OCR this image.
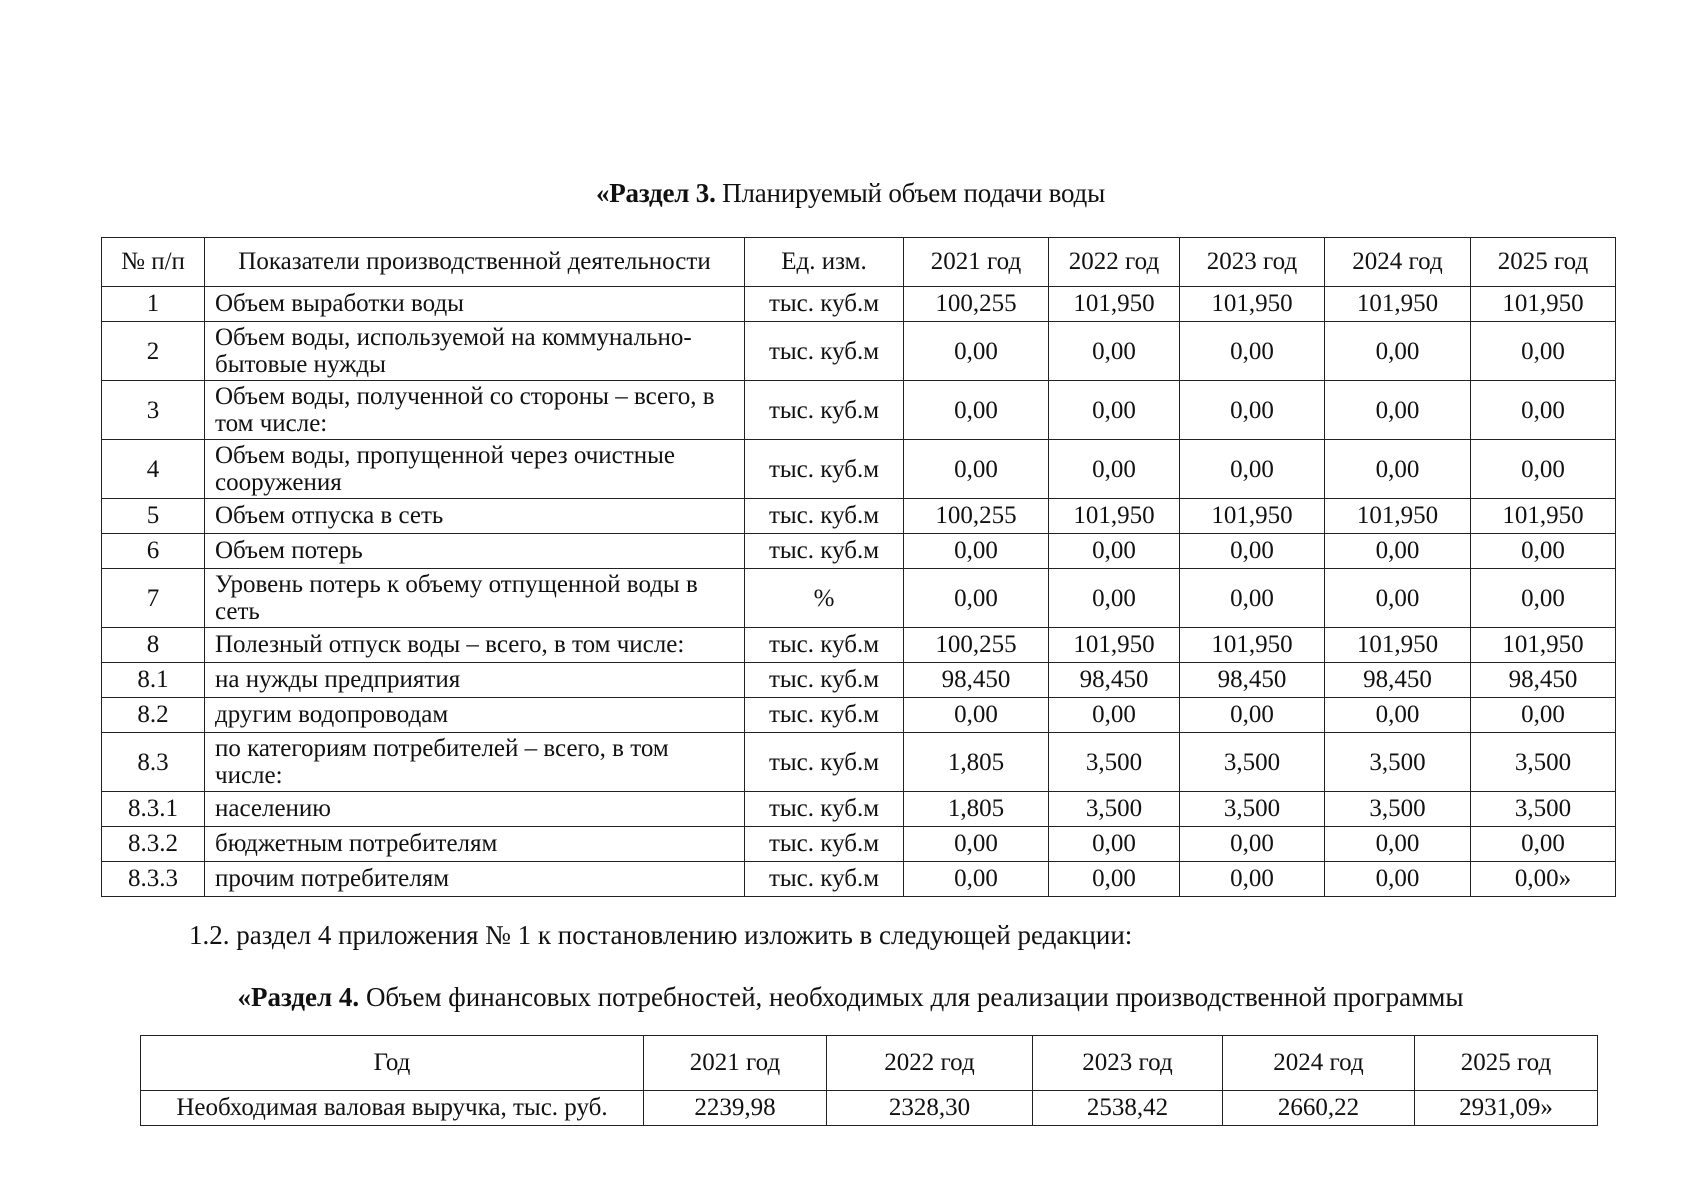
«Раздел 3. Планируемый объем подачи воды
№ п/п	Показатели производственной деятельности	Ед. изм.	2021 год	2022 год	2023 год	2024 год	2025 год
1	Объем выработки воды	тыс. куб.м	100,255	101,950	101,950	101,950	101,950
2	Объем воды, используемой на коммунально-бытовые нужды	тыс. куб.м	0,00	0,00	0,00	0,00	0,00
3	Объем воды, полученной со стороны – всего, в том числе:	тыс. куб.м	0,00	0,00	0,00	0,00	0,00
4	Объем воды, пропущенной через очистные сооружения	тыс. куб.м	0,00	0,00	0,00	0,00	0,00
5	Объем отпуска в сеть	тыс. куб.м	100,255	101,950	101,950	101,950	101,950
6	Объем потерь	тыс. куб.м	0,00	0,00	0,00	0,00	0,00
7	Уровень потерь к объему отпущенной воды в сеть	%	0,00	0,00	0,00	0,00	0,00
8	Полезный отпуск воды – всего, в том числе:	тыс. куб.м	100,255	101,950	101,950	101,950	101,950
8.1	на нужды предприятия	тыс. куб.м	98,450	98,450	98,450	98,450	98,450
8.2	другим водопроводам	тыс. куб.м	0,00	0,00	0,00	0,00	0,00
8.3	по категориям потребителей – всего, в том числе:	тыс. куб.м	1,805	3,500	3,500	3,500	3,500
8.3.1	населению	тыс. куб.м	1,805	3,500	3,500	3,500	3,500
8.3.2	бюджетным потребителям	тыс. куб.м	0,00	0,00	0,00	0,00	0,00
8.3.3	прочим потребителям	тыс. куб.м	0,00	0,00	0,00	0,00	0,00»
1.2. раздел 4 приложения № 1 к постановлению изложить в следующей редакции:
«Раздел 4. Объем финансовых потребностей, необходимых для реализации производственной программы
Год	2021 год	2022 год	2023 год	2024 год	2025 год
Необходимая валовая выручка, тыс. руб.	2239,98	2328,30	2538,42	2660,22	2931,09»
